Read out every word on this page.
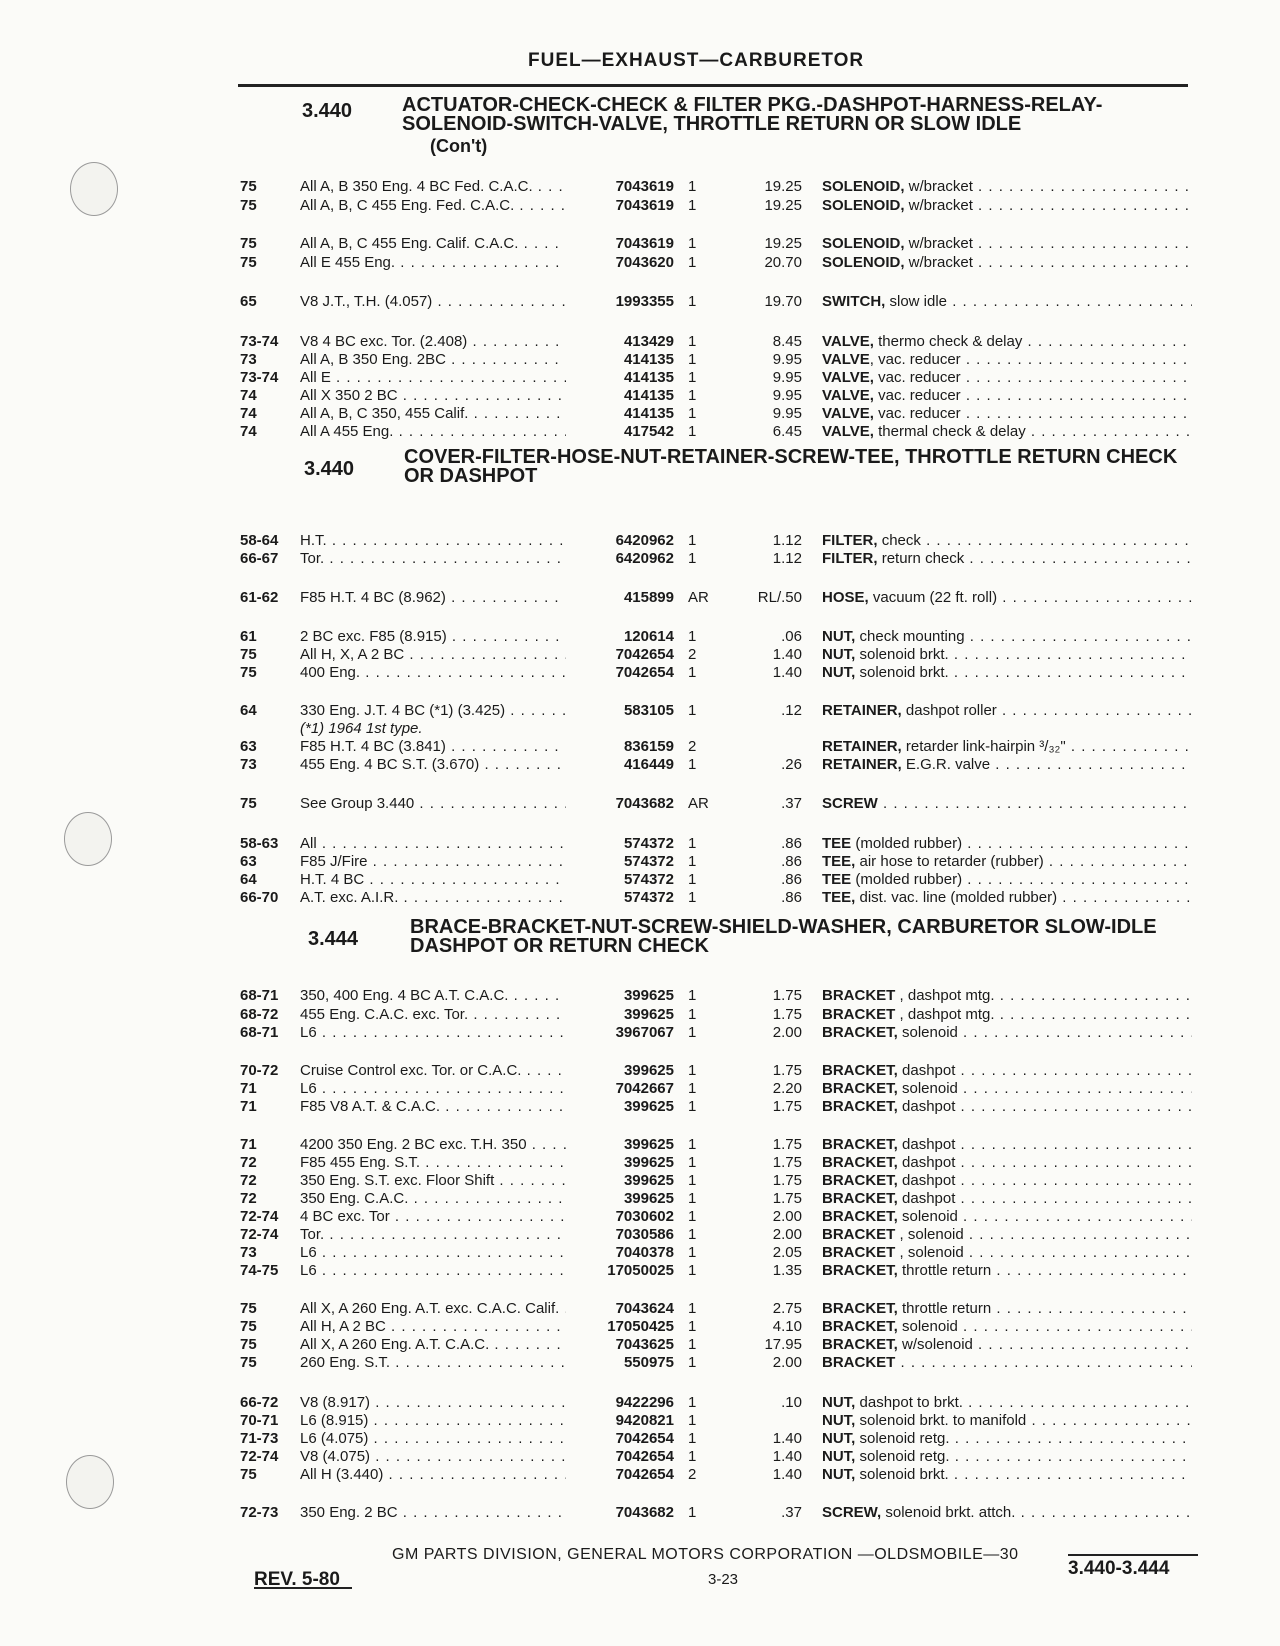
FUEL—EXHAUST—CARBURETOR
3.440 ACTUATOR-CHECK-CHECK & FILTER PKG.-DASHPOT-HARNESS-RELAY-SOLENOID-SWITCH-VALVE, THROTTLE RETURN OR SLOW IDLE
(Con't)
3.440
COVER-FILTER-HOSE-NUT-RETAINER-SCREW-TEE, THROTTLE RETURN CHECK OR DASHPOT
3.444
BRACE-BRACKET-NUT-SCREW-SHIELD-WASHER, CARBURETOR SLOW-IDLE DASHPOT OR RETURN CHECK
75	All A, B 350 Eng. 4 BC Fed. C.A.C. . . .	7043619 1	19.25 SOLENOID, w/bracket . . .
75	All A, B, C 455 Eng. Fed. C.A.C. . . .	7043619 1	19.25 SOLENOID, w/bracket . . .
75	All A, B, C 455 Eng. Calif. C.A.C. . . .	7043619 1	19.25 SOLENOID, w/bracket . . .
75	All E 455 Eng. . . .	7043620 1	20.70 SOLENOID, w/bracket . . .
65	V8 J.T., T.H. (4.057) . . .	1993355 1	19.70 SWITCH, slow idle . . .
73-74 V8 4 BC exc. Tor. (2.408) . . .	413429 1	8.45 VALVE, thermo check & delay . . .
73	All A, B 350 Eng. 2BC . . .	414135 1	9.95 VALVE, vac. reducer . . .
73-74 All E . . .	414135 1	9.95 VALVE, vac. reducer . . .
74	All X 350 2 BC . . .	414135 1	9.95 VALVE, vac. reducer . . .
74	All A, B, C 350, 455 Calif. . . .	414135 1	9.95 VALVE, vac. reducer . . .
74	All A 455 Eng. . . .	417542 1	6.45 VALVE, thermal check & delay . . .
58-64 H.T. . . .	6420962 1	1.12 FILTER, check . . .
66-67 Tor. . . .	6420962 1	1.12 FILTER, return check . . .
61-62 F85 H.T. 4 BC (8.962) . . .	415899 AR	RL/.50 HOSE, vacuum (22 ft. roll) . . .
61	2 BC exc. F85 (8.915) . . .	120614 1	.06 NUT, check mounting . . .
75	All H, X, A 2 BC . . .	7042654 2	1.40 NUT, solenoid brkt. . . .
75	400 Eng. . . .	7042654 1	1.40 NUT, solenoid brkt. . . .
64	330 Eng. J.T. 4 BC (*1) (3.425) . . .	583105 1	.12 RETAINER, dashpot roller . . .
(*1) 1964 1st type.
63	F85 H.T. 4 BC (3.841) . . .	836159 2	RETAINER, retarder link-hairpin ³/₃₂" . . .
73	455 Eng. 4 BC S.T. (3.670) . . .	416449 1	.26 RETAINER, E.G.R. valve . . .
75	See Group 3.440 . . .	7043682 AR	.37 SCREW . . .
58-63 All . . .	574372 1	.86 TEE (molded rubber) . . .
63	F85 J/Fire . . .	574372 1	.86 TEE, air hose to retarder (rubber) . . .
64	H.T. 4 BC . . .	574372 1	.86 TEE (molded rubber) . . .
66-70 A.T. exc. A.I.R. . . .	574372 1	.86 TEE, dist. vac. line (molded rubber) . . .
68-71 350, 400 Eng. 4 BC A.T. C.A.C. . . .	399625 1	1.75 BRACKET , dashpot mtg. . . .
68-72 455 Eng. C.A.C. exc. Tor. . . .	399625 1	1.75 BRACKET , dashpot mtg. . . .
68-71 L6 . . .	3967067 1	2.00 BRACKET, solenoid . . .
70-72 Cruise Control exc. Tor. or C.A.C. . . .	399625 1	1.75 BRACKET, dashpot . . .
71	L6 . . .	7042667 1	2.20 BRACKET, solenoid . . .
71	F85 V8 A.T. & C.A.C. . . .	399625 1	1.75 BRACKET, dashpot . . .
71	4200 350 Eng. 2 BC exc. T.H. 350 . . .	399625 1	1.75 BRACKET, dashpot . . .
72	F85 455 Eng. S.T. . . .	399625 1	1.75 BRACKET, dashpot . . .
72	350 Eng. S.T. exc. Floor Shift . . .	399625 1	1.75 BRACKET, dashpot . . .
72	350 Eng. C.A.C. . . .	399625 1	1.75 BRACKET, dashpot . . .
72-74 4 BC exc. Tor . . .	7030602 1	2.00 BRACKET, solenoid . . .
72-74 Tor. . . .	7030586 1	2.00 BRACKET , solenoid . . .
73	L6 . . .	7040378 1	2.05 BRACKET , solenoid . . .
74-75 L6 . . .	17050025 1	1.35 BRACKET, throttle return . . .
75	All X, A 260 Eng. A.T. exc. C.A.C. Calif. . . .	7043624 1	2.75 BRACKET, throttle return . . .
75	All H, A 2 BC . . .	17050425 1	4.10 BRACKET, solenoid . . .
75	All X, A 260 Eng. A.T. C.A.C. . . .	7043625 1	17.95 BRACKET, w/solenoid . . .
75	260 Eng. S.T. . . .	550975 1	2.00 BRACKET . . .
66-72 V8 (8.917) . . .	9422296 1	.10 NUT, dashpot to brkt. . . .
70-71 L6 (8.915) . . .	9420821 1	NUT, solenoid brkt. to manifold . . .
71-73 L6 (4.075) . . .	7042654 1	1.40 NUT, solenoid retg. . . .
72-74 V8 (4.075) . . .	7042654 1	1.40 NUT, solenoid retg. . . .
75	All H (3.440) . . .	7042654 2	1.40 NUT, solenoid brkt. . . .
72-73 350 Eng. 2 BC . . .	7043682 1	.37 SCREW, solenoid brkt. attch. . . .
GM PARTS DIVISION, GENERAL MOTORS CORPORATION —OLDSMOBILE—30
REV. 5-80	3-23
3.440-3.444
